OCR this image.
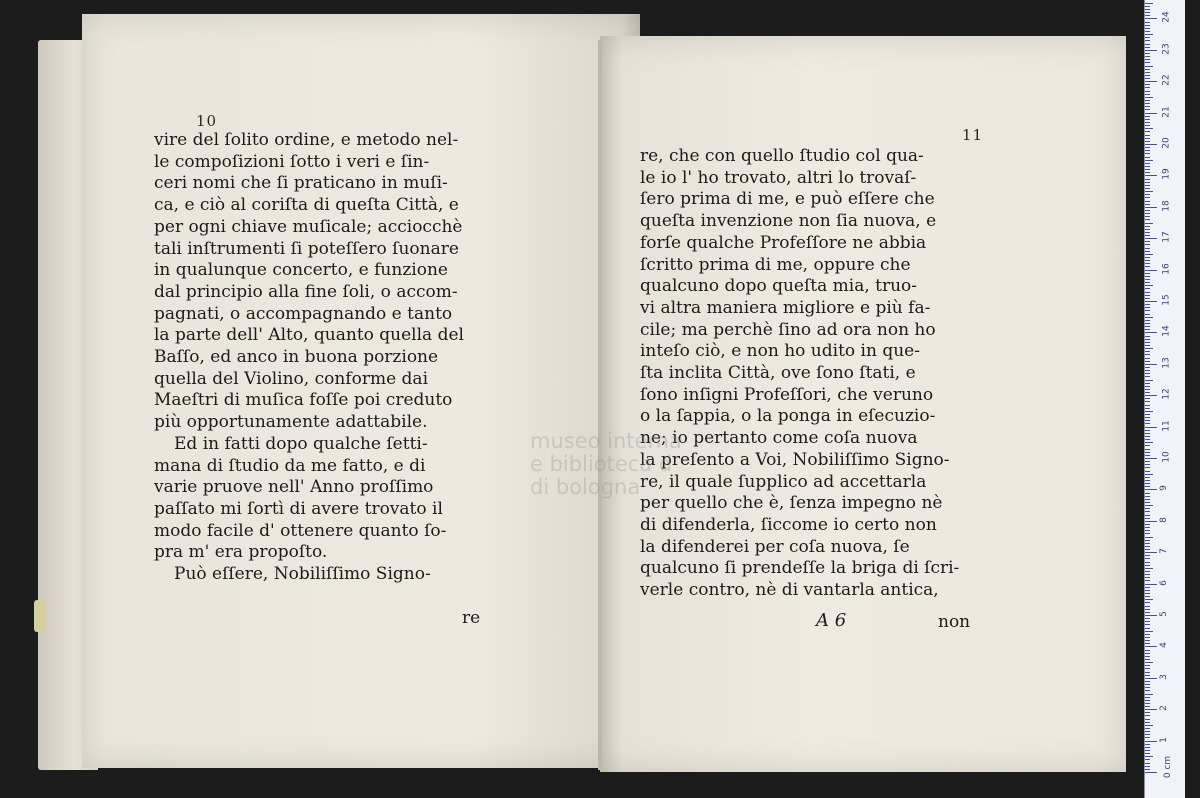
10
11
vire del ſolito ordine, e metodo nel-
le compoſizioni ſotto i veri e ſin-
ceri nomi che ſi praticano in muſi-
ca, e ciò al coriſta di queſta Città, e
per ogni chiave muſicale; acciocchè
tali inſtrumenti ſi poteſſero ſuonare
in qualunque concerto, e funzione
dal principio alla fine ſoli, o accom-
pagnati, o accompagnando e tanto
la parte dell' Alto, quanto quella del
Baſſo, ed anco in buona porzione
quella del Violino, conforme dai
Maeſtri di muſica foſſe poi creduto
più opportunamente adattabile.
Ed in fatti dopo qualche ſetti-
mana di ſtudio da me fatto, e di
varie pruove nell' Anno proſſimo
paſſato mi ſortì di avere trovato il
modo facile d' ottenere quanto ſo-
pra m' era propoſto.
Può eſſere, Nobiliſſimo Signo-
re
re, che con quello ſtudio col qua-
le io l' ho trovato, altri lo trovaſ-
ſero prima di me, e può eſſere che
queſta invenzione non ſia nuova, e
forſe qualche Profeſſore ne abbia
ſcritto prima di me, oppure che
qualcuno dopo queſta mia, truo-
vi altra maniera migliore e più fa-
cile; ma perchè ſino ad ora non ho
inteſo ciò, e non ho udito in que-
ſta inclita Città, ove ſono ſtati, e
ſono inſigni Profeſſori, che veruno
o la ſappia, o la ponga in eſecuzio-
ne; io pertanto come coſa nuova
la preſento a Voi, Nobiliſſimo Signo-
re, il quale ſupplico ad accettarla
per quello che è, ſenza impegno nè
di difenderla, ſiccome io certo non
la difenderei per coſa nuova, ſe
qualcuno ſi prendeſſe la briga di ſcri-
verle contro, nè di vantarla antica,
A 6	non
museo interna
e biblioteca d
di bologna
0 cm
1
2
3
4
5
6
7
8
9
10
11
12
13
14
15
16
17
18
19
20
21
22
23
24
